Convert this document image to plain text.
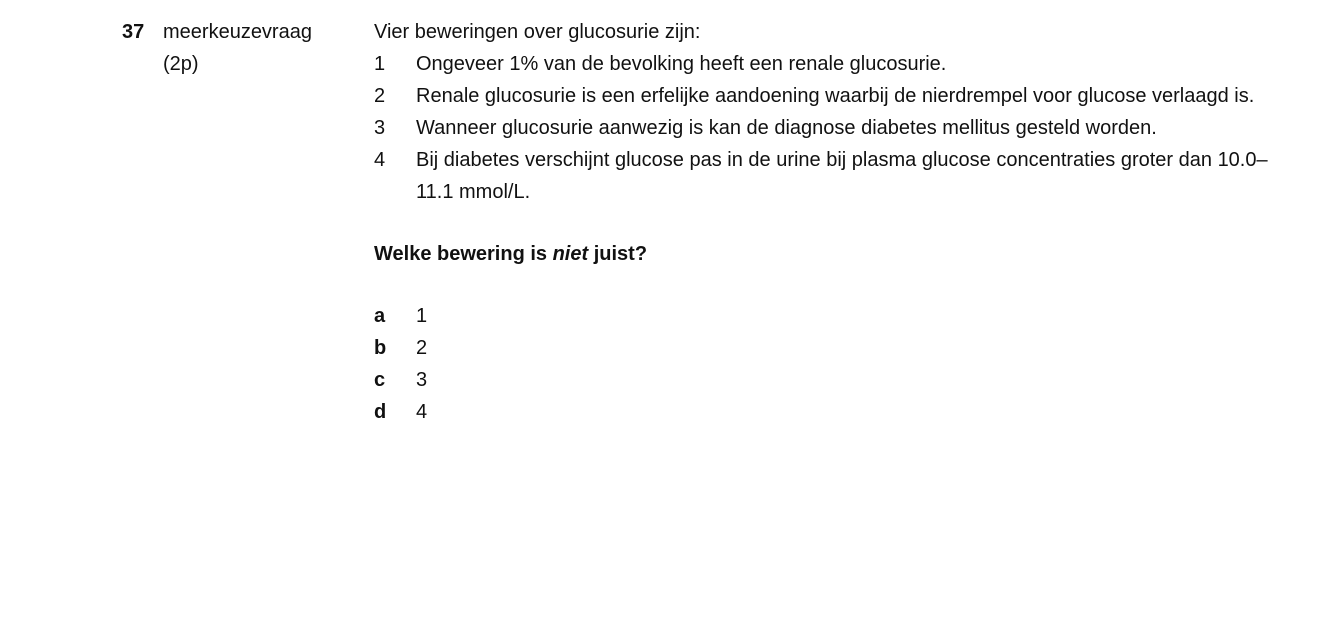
37 meerkeuzevraag
(2p)

Vier beweringen over glucosurie zijn:

1	Ongeveer 1% van de bevolking heeft een renale glucosurie.
2	Renale glucosurie is een erfelijke aandoening waarbij de nierdrempel voor glucose verlaagd is.
3	Wanneer glucosurie aanwezig is kan de diagnose diabetes mellitus gesteld worden.
4	Bij diabetes verschijnt glucose pas in de urine bij plasma glucose concentraties groter dan 10.0–11.1 mmol/L.
Welke bewering is niet juist?
a	1
b	2
c	3
d	4
